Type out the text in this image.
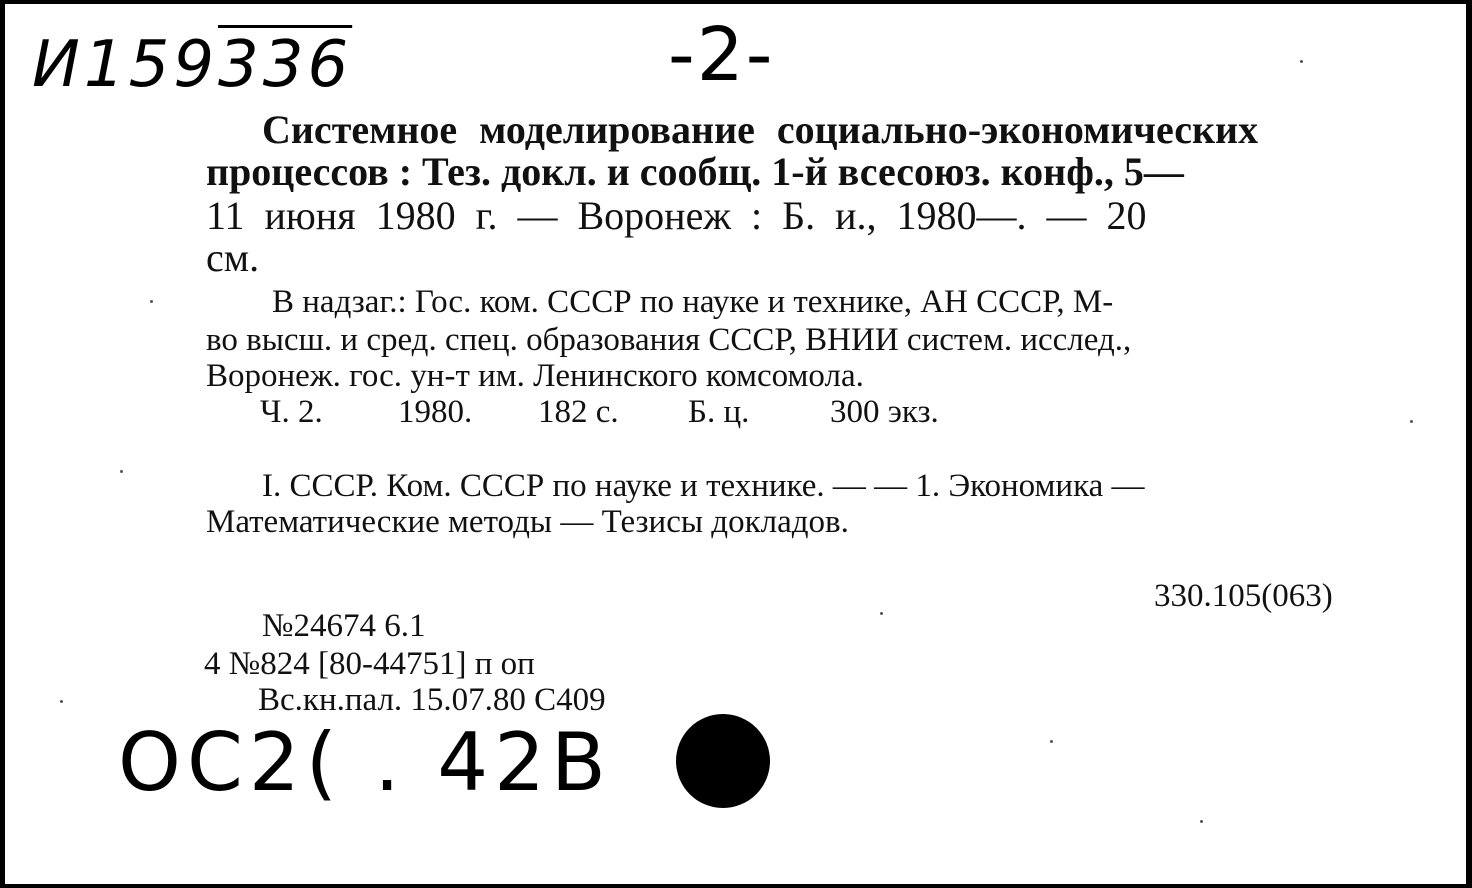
И159336	-2-
Системное моделирование социально-экономических
процессов : Тез. докл. и сообщ. 1-й всесоюз. конф., 5—
11 июня 1980 г. — Воронеж : Б. и., 1980—. — 20
см.
В надзаг.: Гос. ком. СССР по науке и технике, АН СССР, М-
во высш. и сред. спец. образования СССР, ВНИИ систем. исслед.,
Воронеж. гос. ун-т им. Ленинского комсомола.
Ч. 2. 1980. 182 с. Б. ц. 300 экз.
I. СССР. Ком. СССР по науке и технике. — — 1. Экономика —
Математические методы — Тезисы докладов.
330.105(063)
№24674 6.1
4 №824 [80-44751] п оп
Вс.кн.пал. 15.07.80 С409
ОС2( . 42В
